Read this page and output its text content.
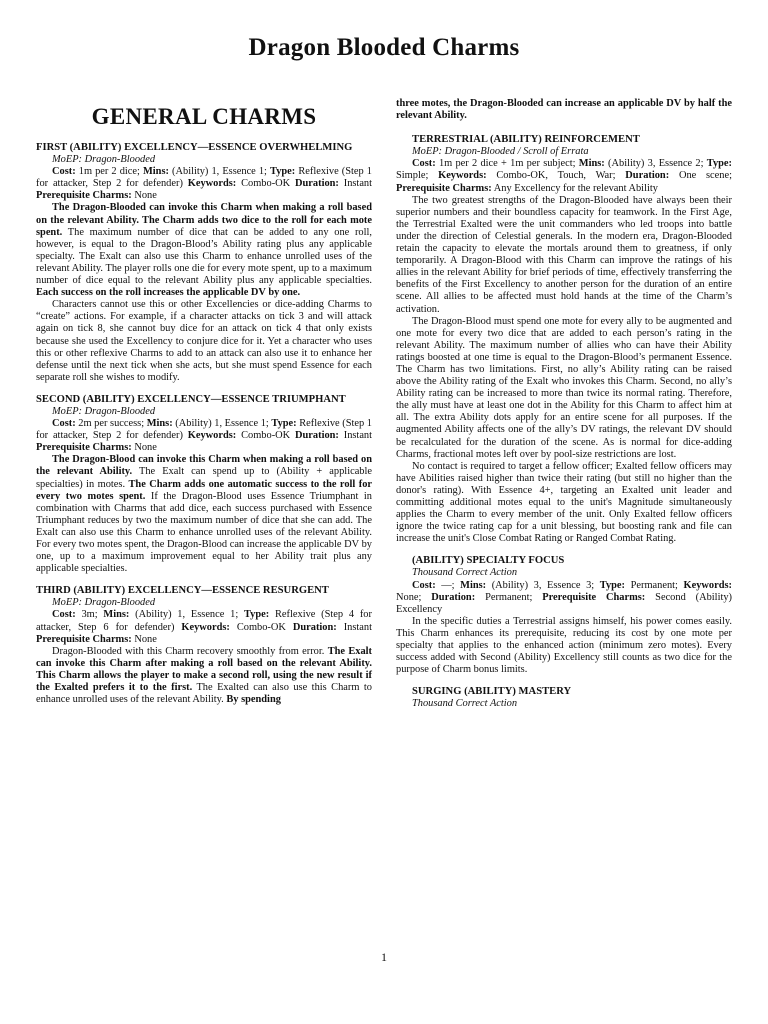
Dragon Blooded Charms
GENERAL CHARMS
FIRST (ABILITY) EXCELLENCY—ESSENCE OVERWHELMING
MoEP: Dragon-Blooded
Cost: 1m per 2 dice; Mins: (Ability) 1, Essence 1; Type: Reflexive (Step 1 for attacker, Step 2 for defender) Keywords: Combo-OK Duration: Instant Prerequisite Charms: None

The Dragon-Blooded can invoke this Charm when making a roll based on the relevant Ability. The Charm adds two dice to the roll for each mote spent. The maximum number of dice that can be added to any one roll, however, is equal to the Dragon-Blood’s Ability rating plus any applicable specialty. The Exalt can also use this Charm to enhance unrolled uses of the relevant Ability. The player rolls one die for every mote spent, up to a maximum number of dice equal to the relevant Ability plus any applicable specialties. Each success on the roll increases the applicable DV by one.

Characters cannot use this or other Excellencies or dice-adding Charms to “create” actions. For example, if a character attacks on tick 3 and will attack again on tick 8, she cannot buy dice for an attack on tick 4 that only exists because she used the Excellency to conjure dice for it. Yet a character who uses this or other reflexive Charms to add to an attack can also use it to enhance her defense until the next tick when she acts, but she must spend Essence for each separate roll she wishes to modify.

SECOND (ABILITY) EXCELLENCY—ESSENCE TRIUMPHANT
MoEP: Dragon-Blooded
Cost: 2m per success; Mins: (Ability) 1, Essence 1; Type: Reflexive (Step 1 for attacker, Step 2 for defender) Keywords: Combo-OK Duration: Instant Prerequisite Charms: None

The Dragon-Blood can invoke this Charm when making a roll based on the relevant Ability. The Exalt can spend up to (Ability + applicable specialties) in motes. The Charm adds one automatic success to the roll for every two motes spent. If the Dragon-Blood uses Essence Triumphant in combination with Charms that add dice, each success purchased with Essence Triumphant reduces by two the maximum number of dice that she can add. The Exalt can also use this Charm to enhance unrolled uses of the relevant Ability. For every two motes spent, the Dragon-Blood can increase the applicable DV by one, up to a maximum improvement equal to her Ability trait plus any applicable specialties.

THIRD (ABILITY) EXCELLENCY—ESSENCE RESURGENT
MoEP: Dragon-Blooded
Cost: 3m; Mins: (Ability) 1, Essence 1; Type: Reflexive (Step 4 for attacker, Step 6 for defender) Keywords: Combo-OK Duration: Instant Prerequisite Charms: None

Dragon-Blooded with this Charm recovery smoothly from error. The Exalt can invoke this Charm after making a roll based on the relevant Ability. This Charm allows the player to make a second roll, using the new result if the Exalted prefers it to the first. The Exalted can also use this Charm to enhance unrolled uses of the relevant Ability. By spending

three motes, the Dragon-Blooded can increase an applicable DV by half the relevant Ability.
TERRESTRIAL (ABILITY) REINFORCEMENT
MoEP: Dragon-Blooded / Scroll of Errata
Cost: 1m per 2 dice + 1m per subject; Mins: (Ability) 3, Essence 2; Type: Simple; Keywords: Combo-OK, Touch, War; Duration: One scene; Prerequisite Charms: Any Excellency for the relevant Ability

The two greatest strengths of the Dragon-Blooded have always been their superior numbers and their boundless capacity for teamwork. In the First Age, the Terrestrial Exalted were the unit commanders who led troops into battle under the direction of Celestial generals. In the modern era, Dragon-Blooded retain the capacity to elevate the mortals around them to greatness, if only temporarily. A Dragon-Blood with this Charm can improve the ratings of his allies in the relevant Ability for brief periods of time, effectively transferring the benefits of the First Excellency to another person for the duration of an entire scene. All allies to be affected must hold hands at the time of the Charm’s activation.

The Dragon-Blood must spend one mote for every ally to be augmented and one mote for every two dice that are added to each person’s rating in the relevant Ability. The maximum number of allies who can have their Ability ratings boosted at one time is equal to the Dragon-Blood’s permanent Essence. The Charm has two limitations. First, no ally’s Ability rating can be raised above the Ability rating of the Exalt who invokes this Charm. Second, no ally’s Ability rating can be increased to more than twice its normal rating. Therefore, the ally must have at least one dot in the Ability for this Charm to affect him at all. The extra Ability dots apply for an entire scene for all purposes. If the augmented Ability affects one of the ally’s DV ratings, the relevant DV should be recalculated for the duration of the scene. As is normal for dice-adding Charms, fractional motes left over by pool-size restrictions are lost.

No contact is required to target a fellow officer; Exalted fellow officers may have Abilities raised higher than twice their rating (but still no higher than the donor's rating). With Essence 4+, targeting an Exalted unit leader and committing additional motes equal to the unit's Magnitude simultaneously applies the Charm to every member of the unit. Only Exalted fellow officers ignore the twice rating cap for a unit blessing, but boosting rank and file can increase the unit's Close Combat Rating or Ranged Combat Rating.

(ABILITY) SPECIALTY FOCUS
Thousand Correct Action
Cost: —; Mins: (Ability) 3, Essence 3; Type: Permanent; Keywords: None; Duration: Permanent; Prerequisite Charms: Second (Ability) Excellency

In the specific duties a Terrestrial assigns himself, his power comes easily. This Charm enhances its prerequisite, reducing its cost by one mote per specialty that applies to the enhanced action (minimum zero motes). Every success added with Second (Ability) Excellency still counts as two dice for the purpose of Charm bonus limits.

SURGING (ABILITY) MASTERY
Thousand Correct Action
1
